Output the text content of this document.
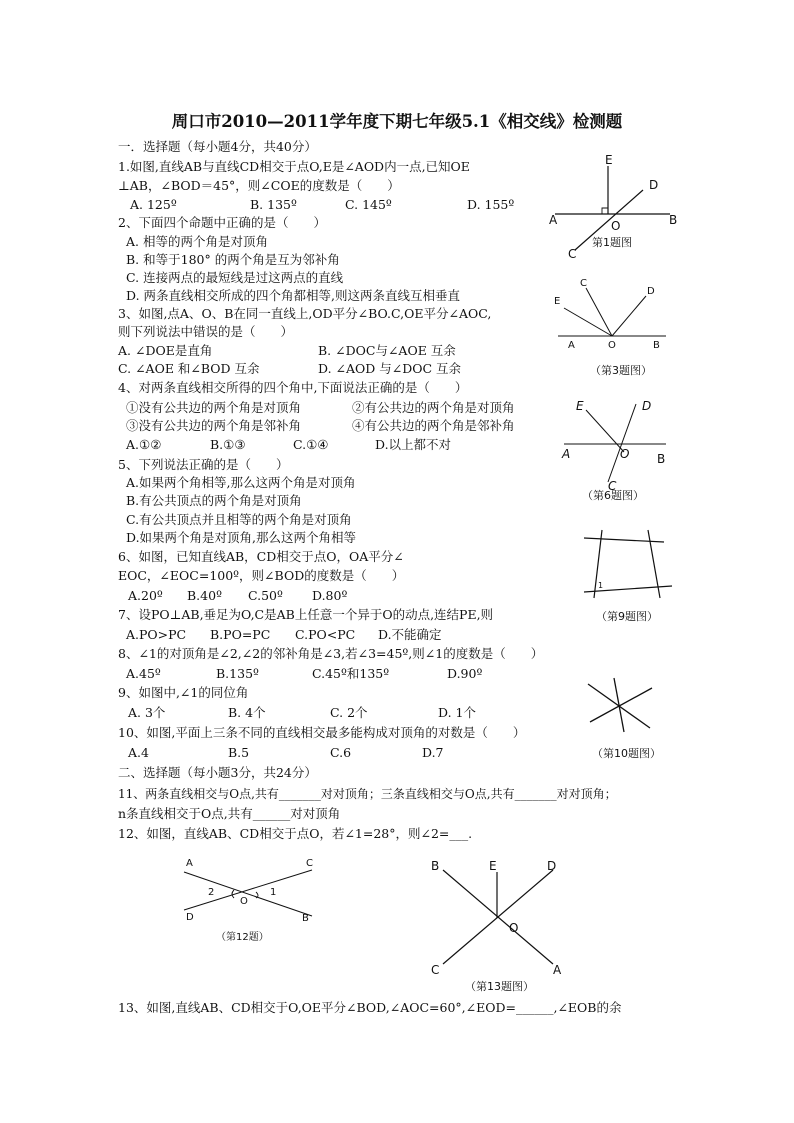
周口市2010—2011学年度下期七年级5.1《相交线》检测题
一．选择题（每小题4分，共40分）
1.如图,直线AB与直线CD相交于点O,E是∠AOD内一点,已知OE
⊥AB，∠BOD＝45°，则∠COE的度数是（　　）
A. 125º	B. 135º	C. 145º	D. 155º
2、下面四个命题中正确的是（　　）
A. 相等的两个角是对顶角
B. 和等于180° 的两个角是互为邻补角
C. 连接两点的最短线是过这两点的直线
D. 两条直线相交所成的四个角都相等,则这两条直线互相垂直
3、如图,点A、O、B在同一直线上,OD平分∠BO.C,OE平分∠AOC,
则下列说法中错误的是（　　）
A. ∠DOE是直角	B. ∠DOC与∠AOE 互余
C. ∠AOE 和∠BOD 互余	D. ∠AOD 与∠DOC 互余
4、对两条直线相交所得的四个角中,下面说法正确的是（　　）
①没有公共边的两个角是对顶角	②有公共边的两个角是对顶角
③没有公共边的两个角是邻补角	④有公共边的两个角是邻补角
A.①②	B.①③	C.①④	D.以上都不对
5、下列说法正确的是（　　）
A.如果两个角相等,那么这两个角是对顶角
B.有公共顶点的两个角是对顶角
C.有公共顶点并且相等的两个角是对顶角
D.如果两个角是对顶角,那么这两个角相等
6、如图，已知直线AB，CD相交于点O，OA平分∠
EOC，∠EOC=100º，则∠BOD的度数是（　　）
A.20º B.40º C.50º D.80º
7、设PO⊥AB,垂足为O,C是AB上任意一个异于O的动点,连结PE,则
A.PO>PC B.PO=PC C.PO<PC D.不能确定
8、∠1的对顶角是∠2,∠2的邻补角是∠3,若∠3=45º,则∠1的度数是（　　）
A.45º	B.135º	C.45º和135º	D.90º
9、如图中,∠1的同位角
A. 3个	B. 4个	C. 2个	D. 1个
10、如图,平面上三条不同的直线相交最多能构成对顶角的对数是（　　）
A.4	B.5	C.6	D.7
二、选择题（每小题3分，共24分）
11、两条直线相交与O点,共有_______对对顶角；三条直线相交与O点,共有_______对对顶角；
n条直线相交于O点,共有______对对顶角
12、如图，直线AB、CD相交于点O，若∠1=28°，则∠2=___.
13、如图,直线AB、CD相交于O,OE平分∠BOD,∠AOC=60°,∠EOD=______,∠EOB的余
E
D
A	O	B
C
第1题图
C
D
E
A	O	B
（第3题图）
E	D
A	O B
C
（第6题图）
1
（第9题图）
（第10题图）
A	C
2	1
O
D	B
（第12题）
B	E	D
O
C	A
（第13题图）
